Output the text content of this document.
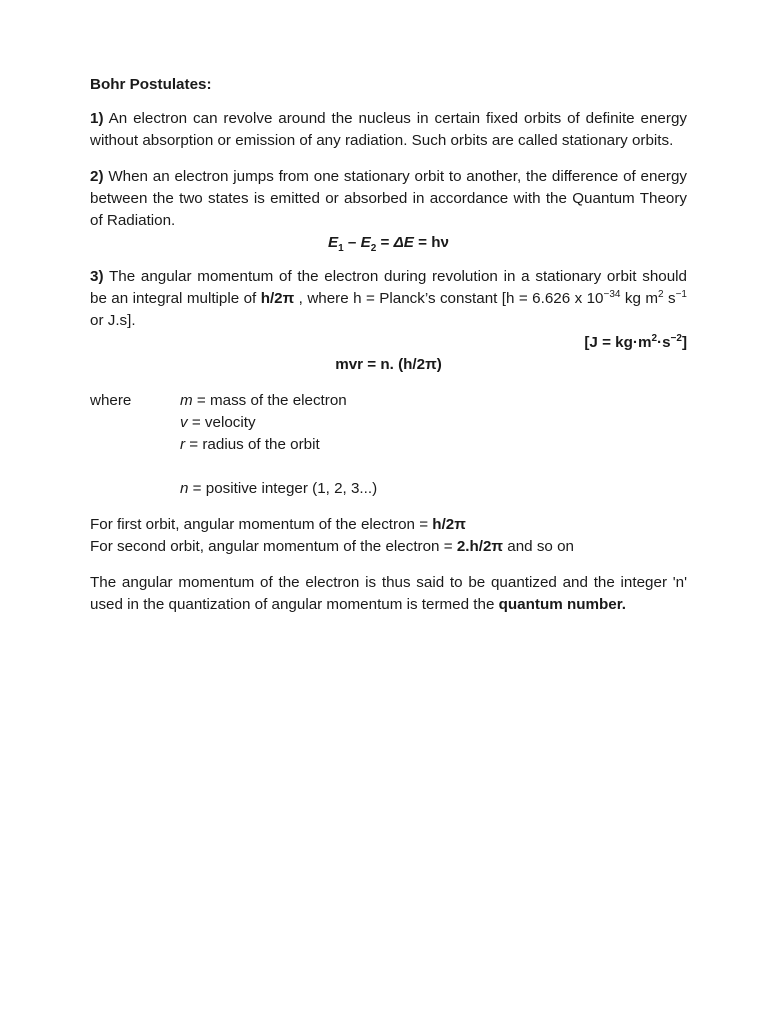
Bohr Postulates:

1) An electron can revolve around the nucleus in certain fixed orbits of definite energy without absorption or emission of any radiation. Such orbits are called stationary orbits.

2) When an electron jumps from one stationary orbit to another, the difference of energy between the two states is emitted or absorbed in accordance with the Quantum Theory of Radiation.

$E_1 - E_2 = \Delta E = h\nu$

3) The angular momentum of the electron during revolution in a stationary orbit should be an integral multiple of h/2π , where h = Planck’s constant [h = 6.626 x $10^{-34}$ kg $m^2$ $s^{-1}$ or J.s].

$[J = kg\cdot m^2\cdot s^{-2}]$

mvr = n. (h/2π)

where	m = mass of the electron
v = velocity
r = radius of the orbit
n = positive integer (1, 2, 3...)

For first orbit, angular momentum of the electron = h/2π

For second orbit, angular momentum of the electron = 2.h/2π and so on

The angular momentum of the electron is thus said to be quantized and the integer 'n' used in the quantization of angular momentum is termed the quantum number.
